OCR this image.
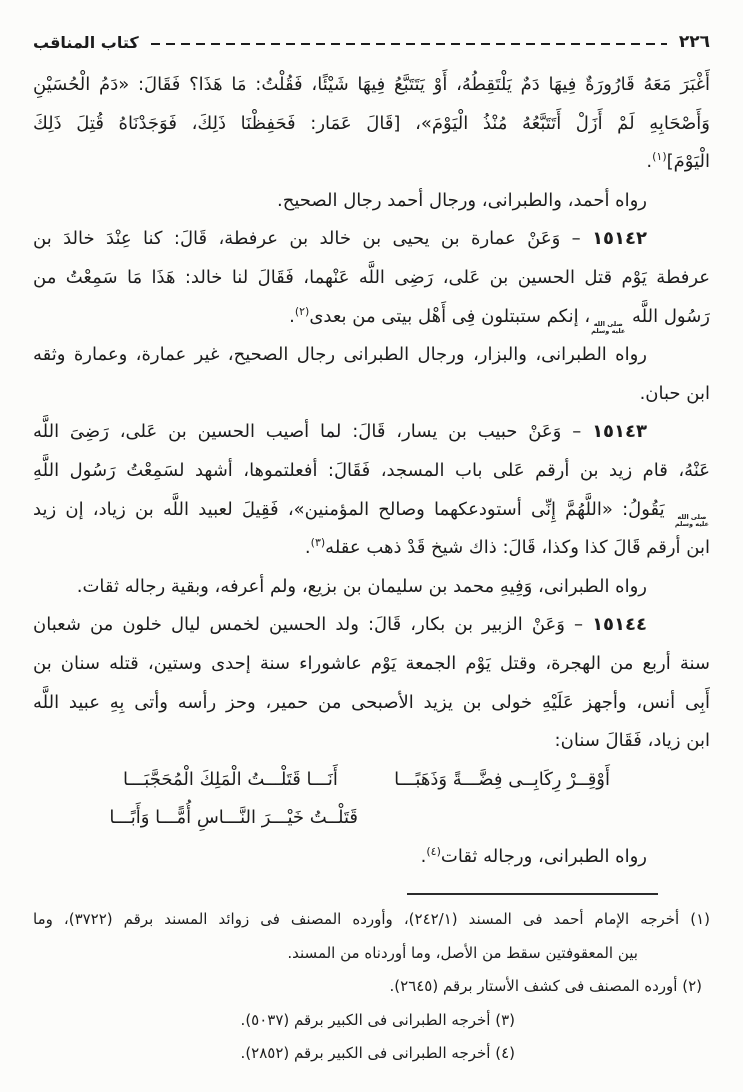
٢٢٦
كتاب المناقب
أَغْبَرَ مَعَهُ قَارُورَةٌ فِيهَا دَمٌ يَلْتَقِطُهُ، أَوْ يَتَتَبَّعُ فِيهَا شَيْئًا، فَقُلْتُ: مَا هَذَا؟ فَقَالَ: «دَمُ الْحُسَيْنِ
وَأَصْحَابِهِ لَمْ أَزَلْ أَتَتَبَّعُهُ مُنْذُ الْيَوْمَ»، [قَالَ عَمَار: فَحَفِظْنَا ذَلِكَ، فَوَجَدْنَاهُ قُتِلَ ذَلِكَ
الْيَوْمَ]$^{(١)}$.
رواه أحمد، والطبرانى، ورجال أحمد رجال الصحيح.
١٥١٤٢ – وَعَنْ عمارة بن يحيى بن خالد بن عرفطة، قَالَ: كنا عِنْدَ خالدَ بن
عرفطة يَوْم قتل الحسين بن عَلى، رَضِى اللَّه عَنْهما، فَقَالَ لنا خالد: هَذَا مَا سَمِعْتُ من
رَسُول اللَّه
صلى الله
عليه وسلم
، إنكم ستبتلون فِى أَهْل بيتى من بعدى$^{(٢)}$.
رواه الطبرانى، والبزار، ورجال الطبرانى رجال الصحيح، غير عمارة، وعمارة وثقه
ابن حبان.
١٥١٤٣ – وَعَنْ حبيب بن يسار، قَالَ: لما أصيب الحسين بن عَلى، رَضِىَ اللَّه
عَنْهُ، قام زيد بن أرقم عَلى باب المسجد، فَقَالَ: أفعلتموها، أشهد لسَمِعْتُ رَسُول اللَّهِ
صلى الله
عليه وسلم
يَقُولُ: «اللَّهُمَّ إِنِّى أستودعكهما وصالح المؤمنين»، فَقِيلَ لعبيد اللَّه بن زياد، إن زيد
ابن أرقم قَالَ كذا وكذا، قَالَ: ذاك شيخ قَدْ ذهب عقله$^{(٣)}$.
رواه الطبرانى، وَفِيهِ محمد بن سليمان بن بزيع، ولم أعرفه، وبقية رجاله ثقات.
١٥١٤٤ – وَعَنْ الزبير بن بكار، قَالَ: ولد الحسين لخمس ليال خلون من شعبان
سنة أربع من الهجرة، وقتل يَوْم الجمعة يَوْم عاشوراء سنة إحدى وستين، قتله سنان بن
أَبِى أنس، وأجهز عَلَيْهِ خولى بن يزيد الأصبحى من حمير، وحز رأسه وأتى بِهِ عبيد اللَّه
ابن زياد، فَقَالَ سنان:
أَوْقِــرْ رِكَابِــى فِضَّـــةً وَذَهَبًـــا
أَنَـــا قَتَلْـــتُ الْمَلِكَ الْمُحَجَّبَـــا
قَتَلْــتُ خَيْـــرَ النَّـــاسِ أُمًّـــا وَأَبًـــا
رواه الطبرانى، ورجاله ثقات$^{(٤)}$.
(١) أخرجه الإمام أحمد فى المسند (٢٤٢/١)، وأورده المصنف فى زوائد المسند برقم (٣٧٢٢)، وما
بين المعقوفتين سقط من الأصل، وما أوردناه من المسند.
(٢) أورده المصنف فى كشف الأستار برقم (٢٦٤٥).
(٣) أخرجه الطبرانى فى الكبير برقم (٥٠٣٧).
(٤) أخرجه الطبرانى فى الكبير برقم (٢٨٥٢).
